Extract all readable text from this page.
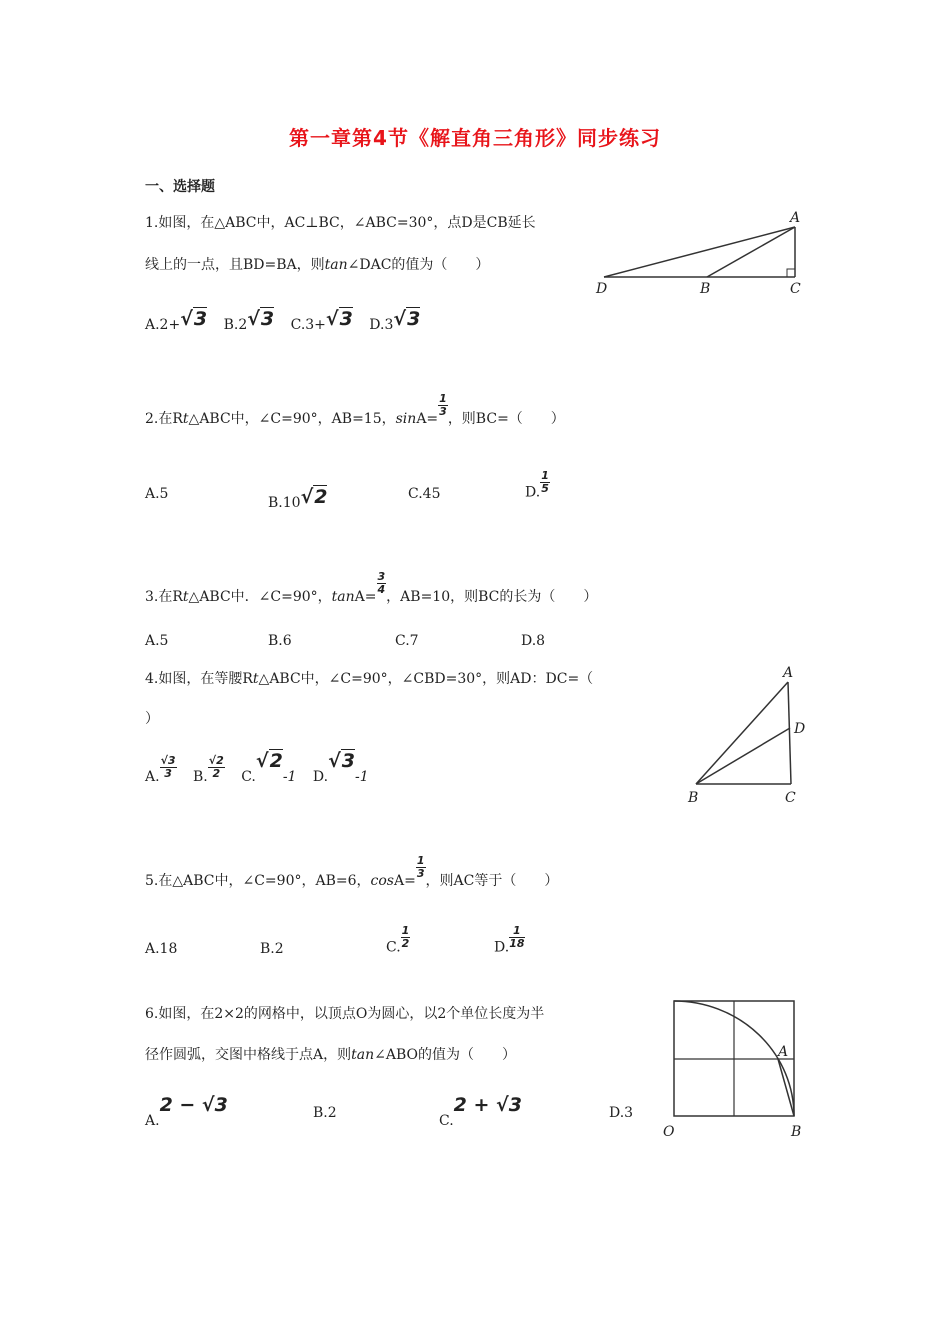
第一章第4节《解直角三角形》同步练习
一、选择题
1.如图，在△ABC中，AC⊥BC，∠ABC=30°，点D是CB延长
线上的一点，且BD=BA，则tan∠DAC的值为（　　）
A.2+√3 B.2√3 C.3+√3 D.3√3
A
D	B	C
2.在Rt△ABC中，∠C=90°，AB=15，sinA=
$\frac{1}{3}$
，则BC=（　　）
A.5
B.10√2	C.45	D. $\frac{1}{5}$
3.在Rt△ABC中．∠C=90°，tanA=
$\frac{3}{4}$
，AB=10，则BC的长为（　　）
A.5	B.6	C.7	D.8
4.如图，在等腰Rt△ABC中，∠C=90°，∠CBD=30°，则AD：DC=（
）
A. $\frac{√3}{3} B$. $\frac{√2}{2} C.√2-1$ D.√3-1
A
D
B	C
5.在△ABC中，∠C=90°，AB=6，cosA=
$\frac{1}{3}$
，则AC等于（　　）
A.18	B.2	C. $\frac{1}{2}$	D. $\frac{1}{18}$
6.如图，在2×2的网格中，以顶点O为圆心，以2个单位长度为半
径作圆弧，交图中格线于点A，则tan∠ABO的值为（　　）
A.2 − √3	B.2	C.2 + √3	D.3
A
O	B
